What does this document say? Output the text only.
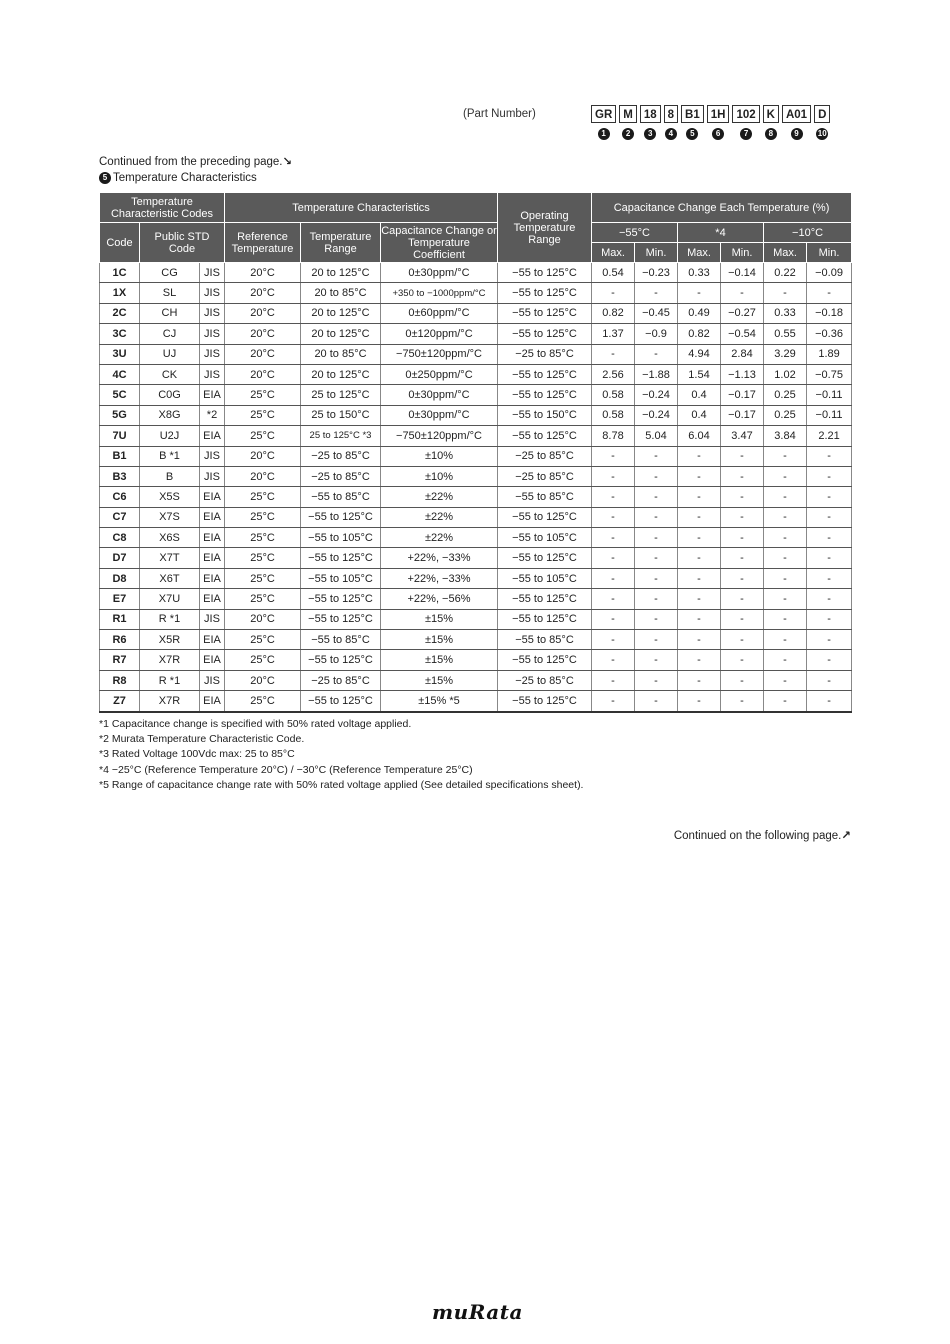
(Part Number)	GR M 18 8 B1 1H 102 K A01 D
1	2	3	4	5	6	7	8	9	10
Continued from the preceding page.↘
5 Temperature Characteristics
Temperature Characteristic Codes			Temperature Characteristics			Operating Temperature Range	Capacitance Change Each Temperature (%)					
Code	Public STD Code		Reference Temperature	Temperature Range	Capacitance Change or Temperature Coefficient		−55°C		*4		−10°C	
							Max.	Min.	Max.	Min.	Max.	Min.
1C	CG	JIS	20°C	20 to 125°C	0±30ppm/°C	−55 to 125°C	0.54	−0.23	0.33	−0.14	0.22	−0.09
1X	SL	JIS	20°C	20 to 85°C	+350 to −1000ppm/°C	−55 to 125°C	-	-	-	-	-	-
2C	CH	JIS	20°C	20 to 125°C	0±60ppm/°C	−55 to 125°C	0.82	−0.45	0.49	−0.27	0.33	−0.18
3C	CJ	JIS	20°C	20 to 125°C	0±120ppm/°C	−55 to 125°C	1.37	−0.9	0.82	−0.54	0.55	−0.36
3U	UJ	JIS	20°C	20 to 85°C	−750±120ppm/°C	−25 to 85°C	-	-	4.94	2.84	3.29	1.89
4C	CK	JIS	20°C	20 to 125°C	0±250ppm/°C	−55 to 125°C	2.56	−1.88	1.54	−1.13	1.02	−0.75
5C	C0G	EIA	25°C	25 to 125°C	0±30ppm/°C	−55 to 125°C	0.58	−0.24	0.4	−0.17	0.25	−0.11
5G	X8G	*2	25°C	25 to 150°C	0±30ppm/°C	−55 to 150°C	0.58	−0.24	0.4	−0.17	0.25	−0.11
7U	U2J	EIA	25°C	25 to 125°C *3	−750±120ppm/°C	−55 to 125°C	8.78	5.04	6.04	3.47	3.84	2.21
B1	B *1	JIS	20°C	−25 to 85°C	±10%	−25 to 85°C	-	-	-	-	-	-
B3	B	JIS	20°C	−25 to 85°C	±10%	−25 to 85°C	-	-	-	-	-	-
C6	X5S	EIA	25°C	−55 to 85°C	±22%	−55 to 85°C	-	-	-	-	-	-
C7	X7S	EIA	25°C	−55 to 125°C	±22%	−55 to 125°C	-	-	-	-	-	-
C8	X6S	EIA	25°C	−55 to 105°C	±22%	−55 to 105°C	-	-	-	-	-	-
D7	X7T	EIA	25°C	−55 to 125°C	+22%, −33%	−55 to 125°C	-	-	-	-	-	-
D8	X6T	EIA	25°C	−55 to 105°C	+22%, −33%	−55 to 105°C	-	-	-	-	-	-
E7	X7U	EIA	25°C	−55 to 125°C	+22%, −56%	−55 to 125°C	-	-	-	-	-	-
R1	R *1	JIS	20°C	−55 to 125°C	±15%	−55 to 125°C	-	-	-	-	-	-
R6	X5R	EIA	25°C	−55 to 85°C	±15%	−55 to 85°C	-	-	-	-	-	-
R7	X7R	EIA	25°C	−55 to 125°C	±15%	−55 to 125°C	-	-	-	-	-	-
R8	R *1	JIS	20°C	−25 to 85°C	±15%	−25 to 85°C	-	-	-	-	-	-
Z7	X7R	EIA	25°C	−55 to 125°C	±15% *5	−55 to 125°C	-	-	-	-	-	-
*1 Capacitance change is specified with 50% rated voltage applied.
*2 Murata Temperature Characteristic Code.
*3 Rated Voltage 100Vdc max: 25 to 85°C
*4 −25°C (Reference Temperature 20°C) / −30°C (Reference Temperature 25°C)
*5 Range of capacitance change rate with 50% rated voltage applied (See detailed specifications sheet).
Continued on the following page.↗
muRata
